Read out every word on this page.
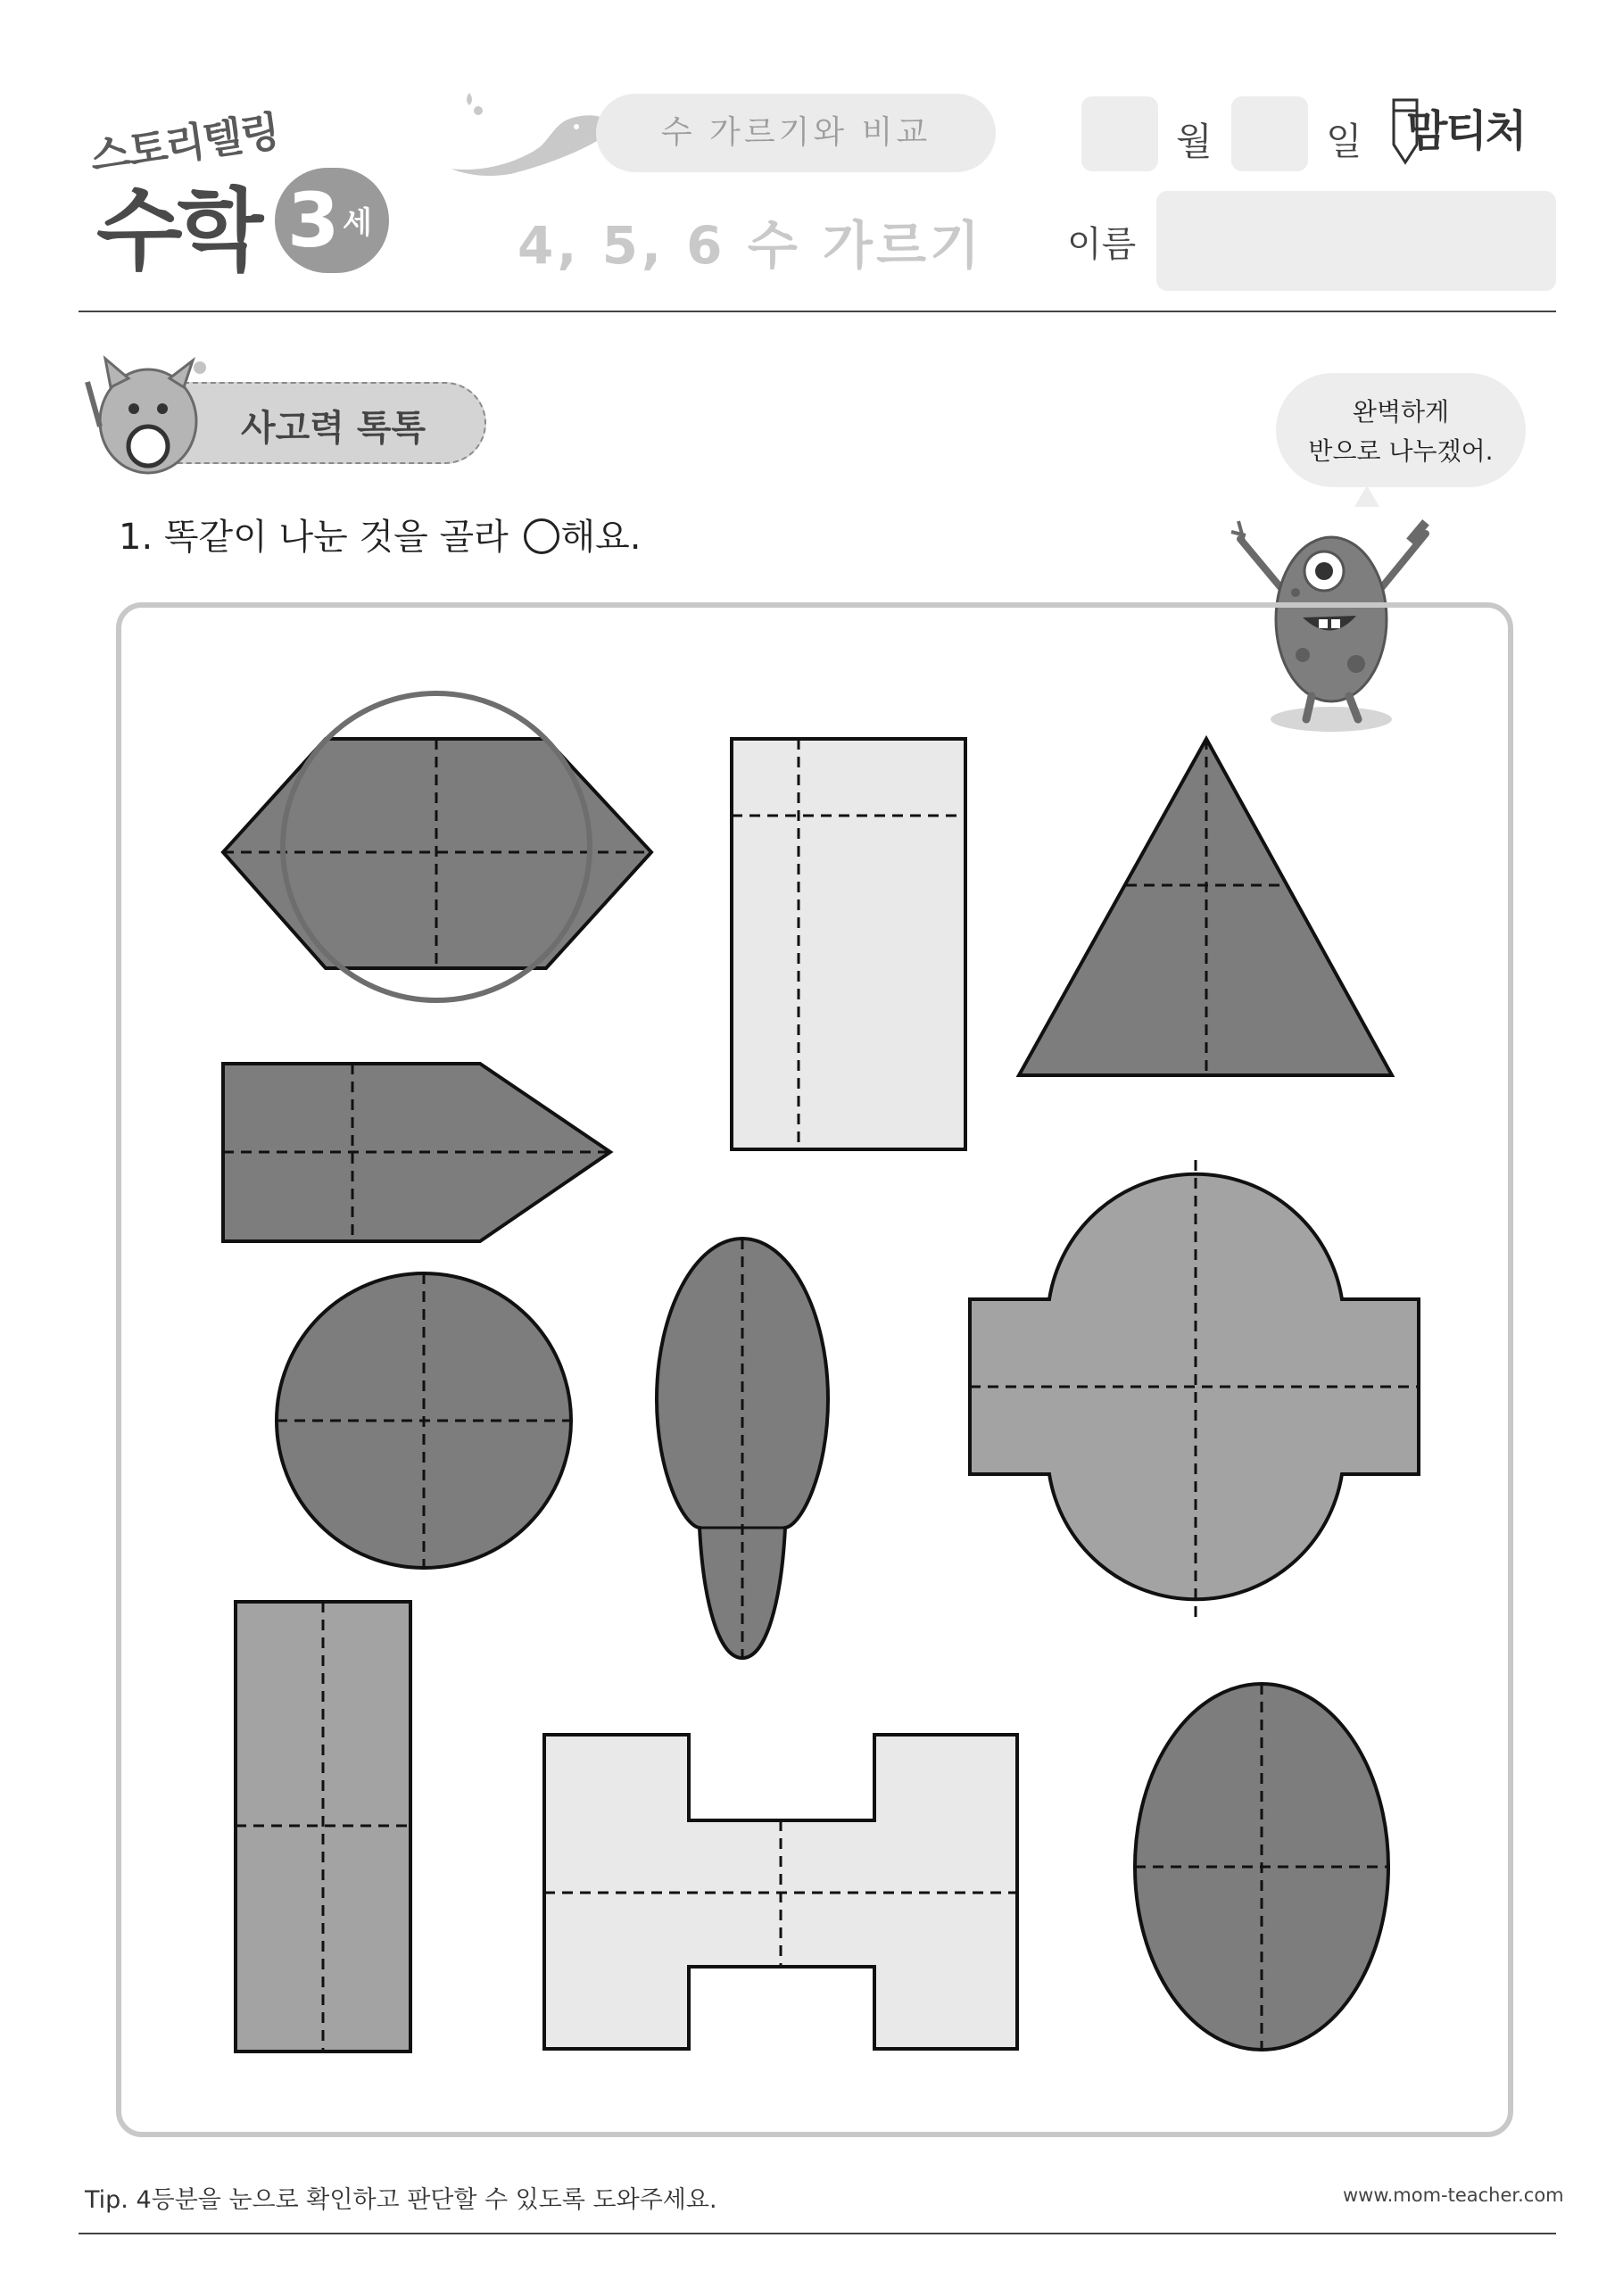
스토리텔링
수학 3 세
수 가르기와 비교
4, 5, 6 수 가르기
월	일 맘티처
이름
사고력 톡톡	완벽하게
반으로 나누겠어.
1. 똑같이 나눈 것을 골라 해요.
Tip. 4등분을 눈으로 확인하고 판단할 수 있도록 도와주세요.	www.mom-teacher.com
